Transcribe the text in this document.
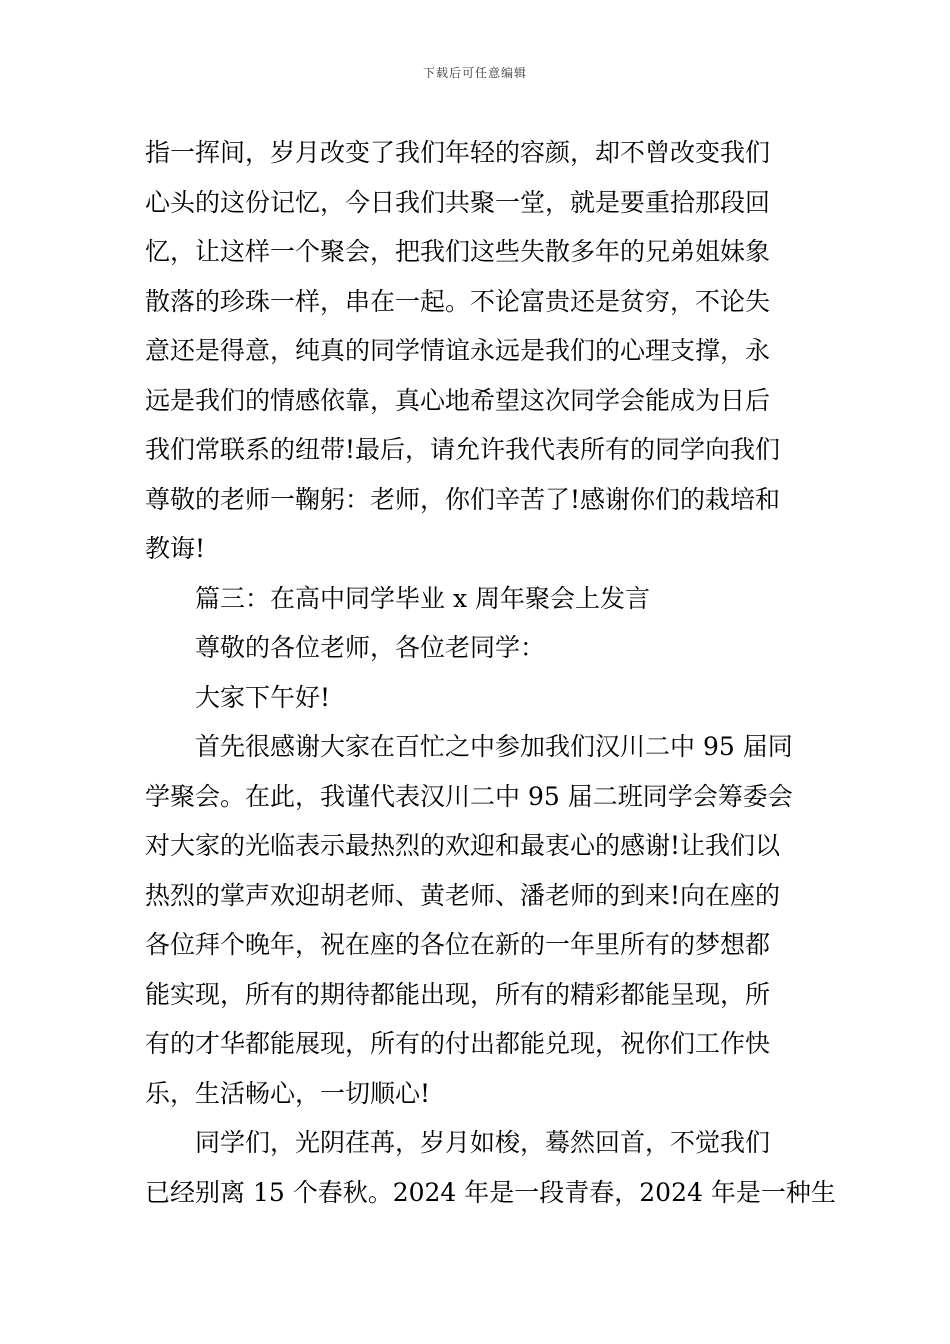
下载后可任意编辑
指一挥间，岁月改变了我们年轻的容颜，却不曾改变我们
心头的这份记忆，今日我们共聚一堂，就是要重拾那段回
忆，让这样一个聚会，把我们这些失散多年的兄弟姐妹象
散落的珍珠一样，串在一起。不论富贵还是贫穷，不论失
意还是得意，纯真的同学情谊永远是我们的心理支撑，永
远是我们的情感依靠，真心地希望这次同学会能成为日后
我们常联系的纽带!最后，请允许我代表所有的同学向我们
尊敬的老师一鞠躬：老师，你们辛苦了!感谢你们的栽培和
教诲!
篇三：在高中同学毕业 x 周年聚会上发言
尊敬的各位老师，各位老同学：
大家下午好!
首先很感谢大家在百忙之中参加我们汉川二中 95 届同
学聚会。在此，我谨代表汉川二中 95 届二班同学会筹委会
对大家的光临表示最热烈的欢迎和最衷心的感谢!让我们以
热烈的掌声欢迎胡老师、黄老师、潘老师的到来!向在座的
各位拜个晚年，祝在座的各位在新的一年里所有的梦想都
能实现，所有的期待都能出现，所有的精彩都能呈现，所
有的才华都能展现，所有的付出都能兑现，祝你们工作快
乐，生活畅心，一切顺心!
同学们，光阴荏苒，岁月如梭，蓦然回首，不觉我们
已经别离 15 个春秋。2024 年是一段青春，2024 年是一种生
